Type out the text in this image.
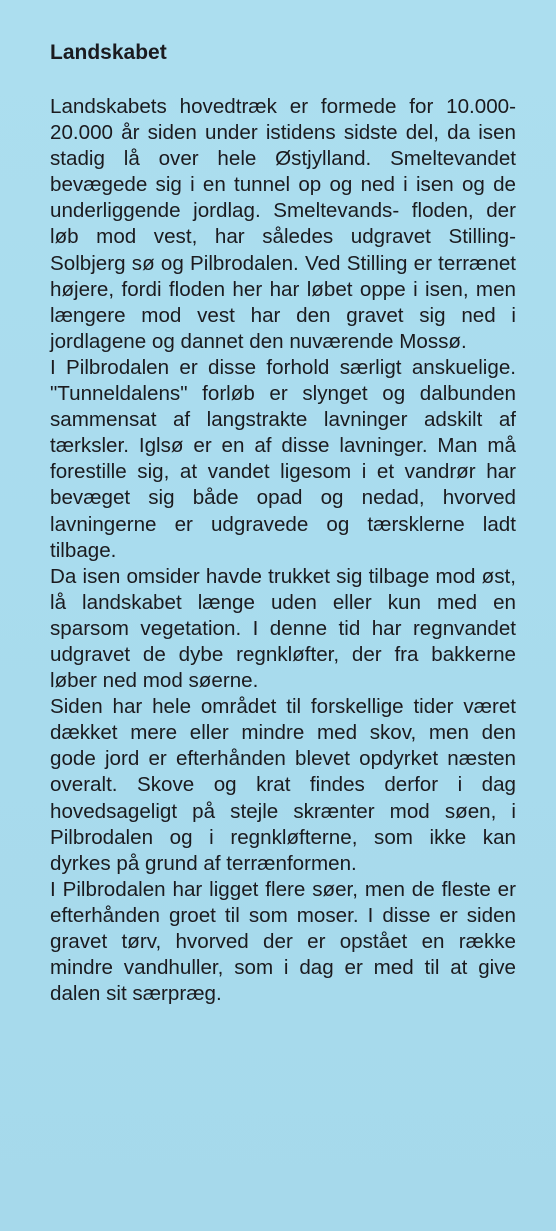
Landskabet

Landskabets hovedtræk er formede for 10.000-20.000 år siden under istidens sidste del, da isen stadig lå over hele Østjylland. Smeltevandet bevægede sig i en tunnel op og ned i isen og de underliggende jordlag. Smeltevands- floden, der løb mod vest, har således udgravet Stilling-Solbjerg sø og Pilbrodalen. Ved Stilling er terrænet højere, fordi floden her har løbet oppe i isen, men længere mod vest har den gravet sig ned i jordlagene og dannet den nuværende Mossø.

I Pilbrodalen er disse forhold særligt anskuelige. "Tunneldalens" forløb er slynget og dalbunden sammensat af langstrakte lavninger adskilt af tærksler. Iglsø er en af disse lavninger. Man må forestille sig, at vandet ligesom i et vandrør har bevæget sig både opad og nedad, hvorved lavningerne er udgravede og tærsklerne ladt tilbage.

Da isen omsider havde trukket sig tilbage mod øst, lå landskabet længe uden eller kun med en sparsom vegetation. I denne tid har regnvandet udgravet de dybe regnkløfter, der fra bakkerne løber ned mod søerne.

Siden har hele området til forskellige tider været dækket mere eller mindre med skov, men den gode jord er efterhånden blevet opdyrket næsten overalt. Skove og krat findes derfor i dag hovedsageligt på stejle skrænter mod søen, i Pilbrodalen og i regnkløfterne, som ikke kan dyrkes på grund af terrænformen.

I Pilbrodalen har ligget flere søer, men de fleste er efterhånden groet til som moser. I disse er siden gravet tørv, hvorved der er opstået en række mindre vandhuller, som i dag er med til at give dalen sit særpræg.
